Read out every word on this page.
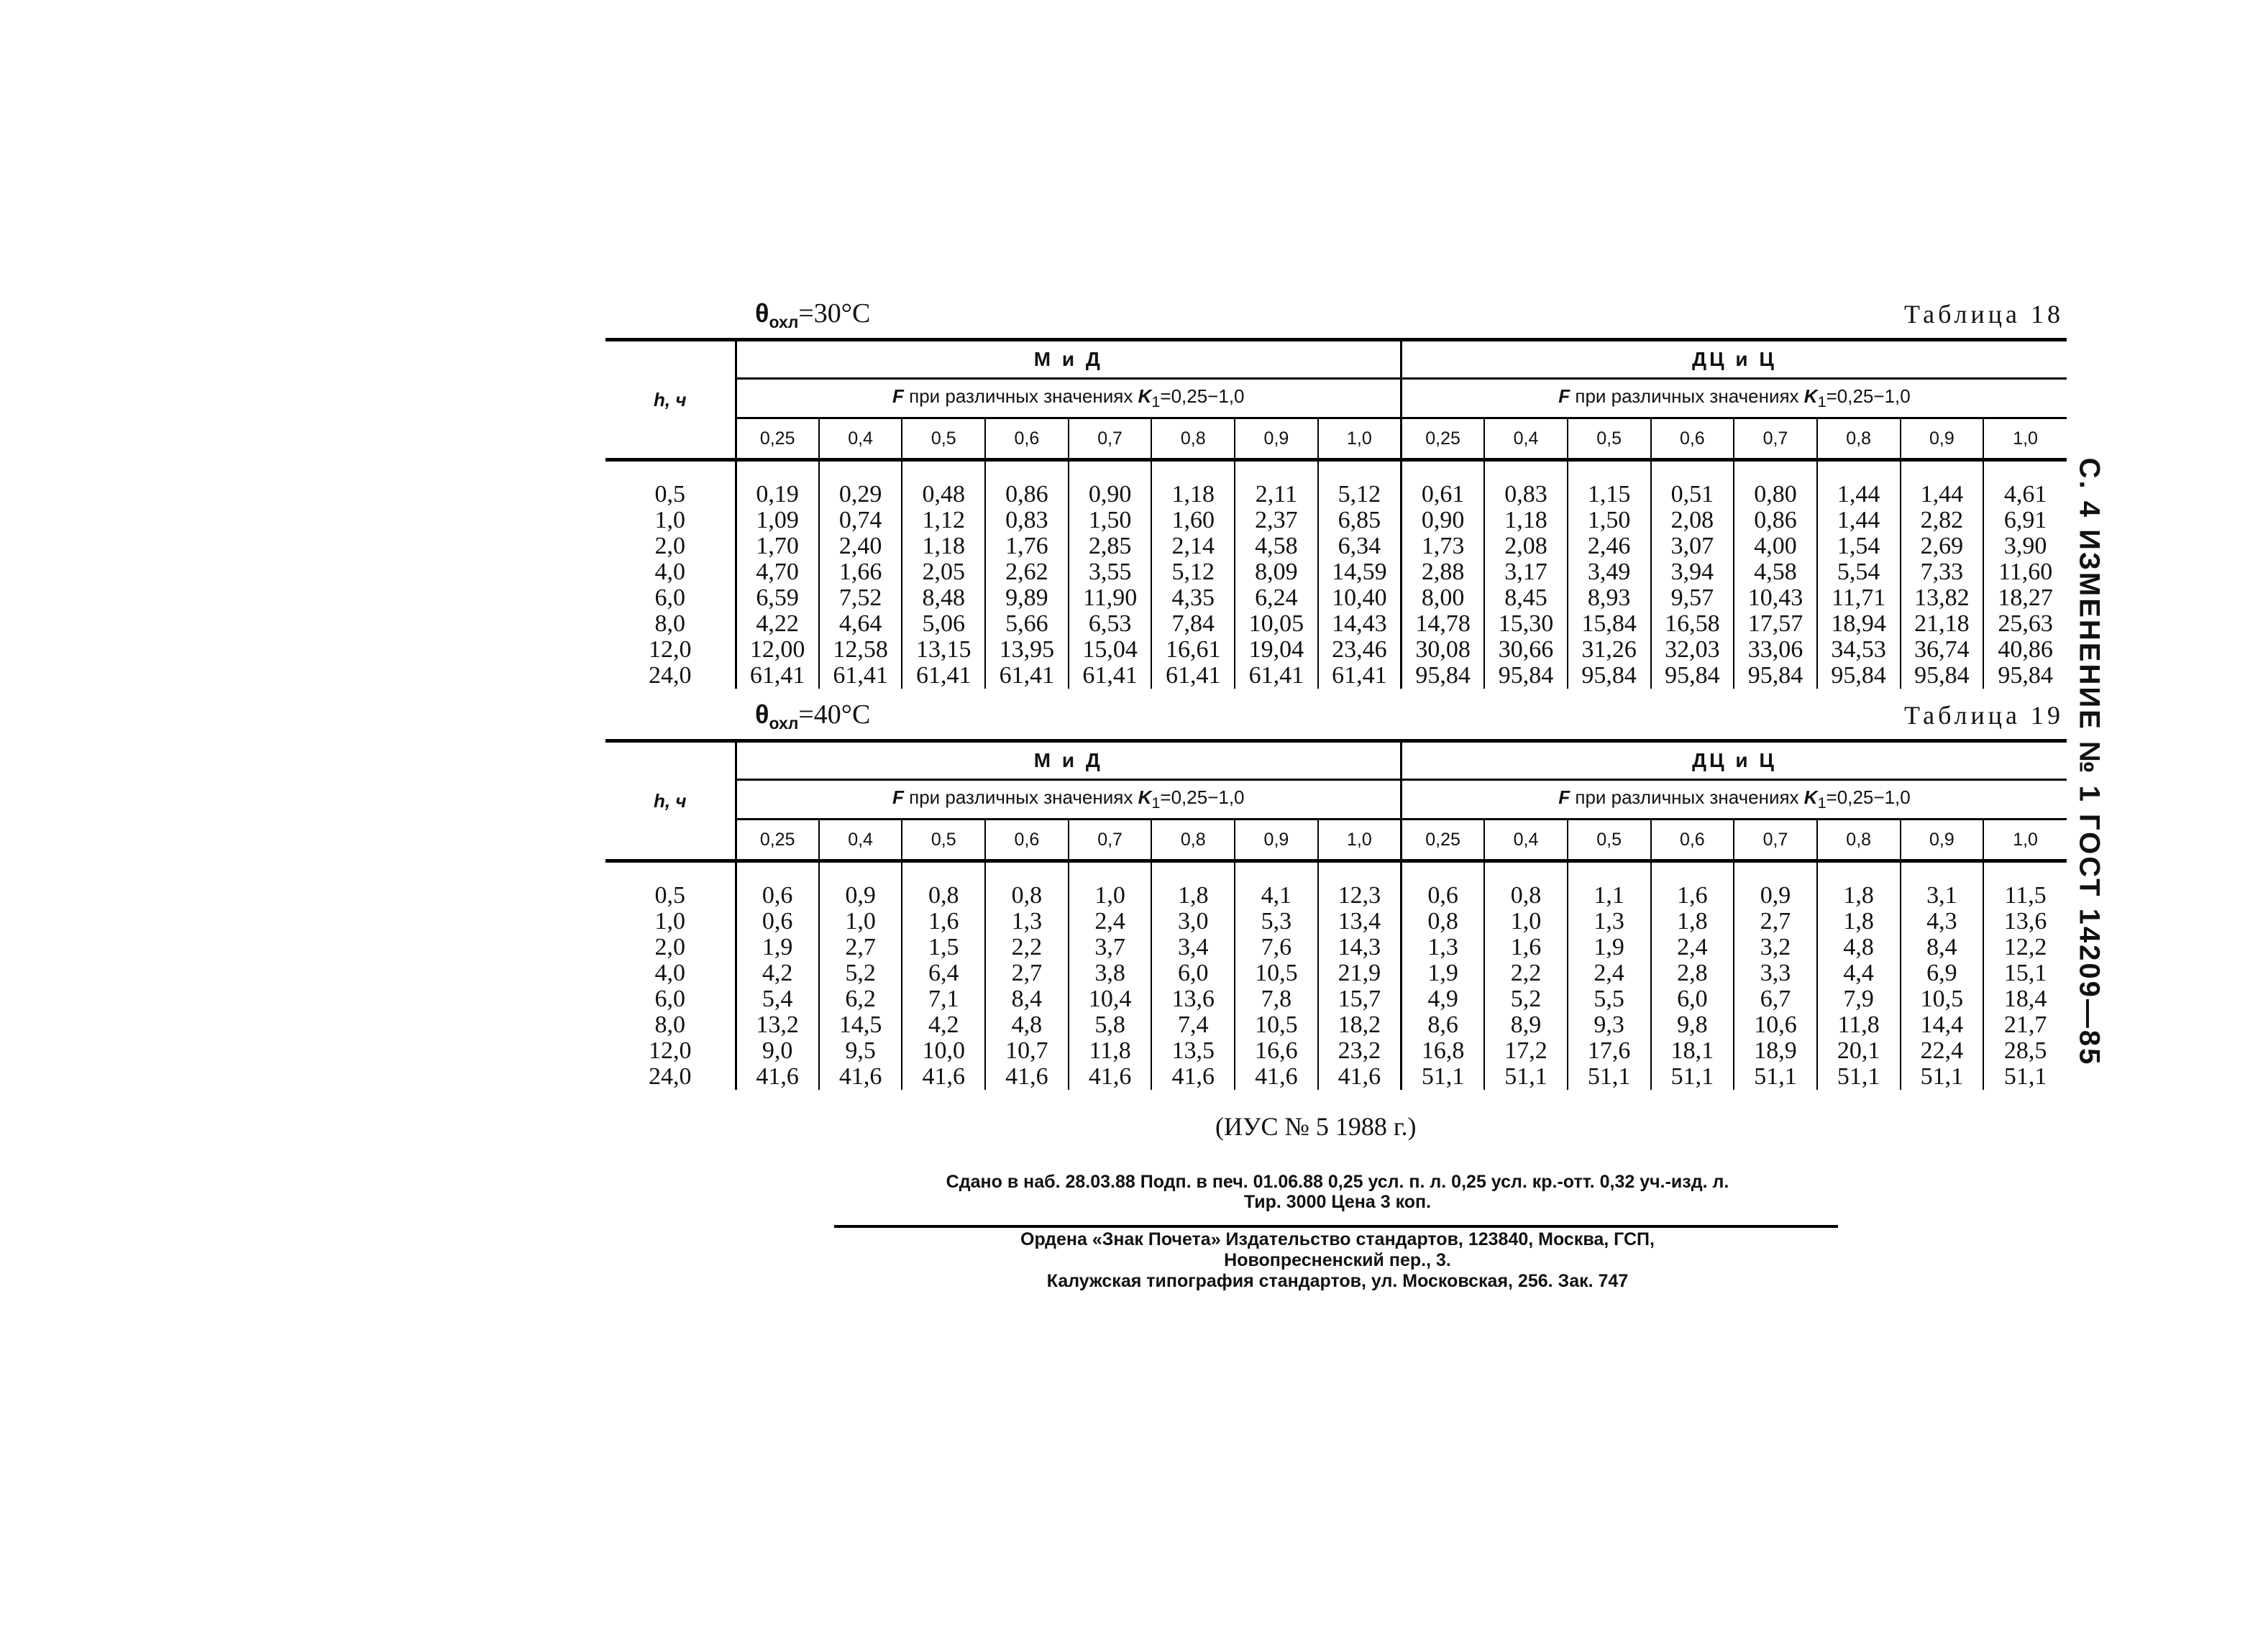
$\theta_{охл}=30^\circ C$	Таблица 18
h, ч	М и Д								ДЦ и Ц							
	F при различных значениях $K_1=0,25-1,0$								F при различных значениях $K_1=0,25-1,0$							
	0,25	0,4	0,5	0,6	0,7	0,8	0,9	1,0	0,25	0,4	0,5	0,6	0,7	0,8	0,9	1,0

0,5	0,19	0,29	0,48	0,86	0,90	1,18	2,11	5,12	0,61	0,83	1,15	0,51	0,80	1,44	1,44	4,61
1,0	1,09	0,74	1,12	0,83	1,50	1,60	2,37	6,85	0,90	1,18	1,50	2,08	0,86	1,44	2,82	6,91
2,0	1,70	2,40	1,18	1,76	2,85	2,14	4,58	6,34	1,73	2,08	2,46	3,07	4,00	1,54	2,69	3,90
4,0	4,70	1,66	2,05	2,62	3,55	5,12	8,09	14,59	2,88	3,17	3,49	3,94	4,58	5,54	7,33	11,60
6,0	6,59	7,52	8,48	9,89	11,90	4,35	6,24	10,40	8,00	8,45	8,93	9,57	10,43	11,71	13,82	18,27
8,0	4,22	4,64	5,06	5,66	6,53	7,84	10,05	14,43	14,78	15,30	15,84	16,58	17,57	18,94	21,18	25,63
12,0	12,00	12,58	13,15	13,95	15,04	16,61	19,04	23,46	30,08	30,66	31,26	32,03	33,06	34,53	36,74	40,86
24,0	61,41	61,41	61,41	61,41	61,41	61,41	61,41	61,41	95,84	95,84	95,84	95,84	95,84	95,84	95,84	95,84
$\theta_{охл}=40^\circ C$	Таблица 19
h, ч	М и Д								ДЦ и Ц							
	F при различных значениях $K_1=0,25-1,0$								F при различных значениях $K_1=0,25-1,0$							
	0,25	0,4	0,5	0,6	0,7	0,8	0,9	1,0	0,25	0,4	0,5	0,6	0,7	0,8	0,9	1,0

0,5	0,6	0,9	0,8	0,8	1,0	1,8	4,1	12,3	0,6	0,8	1,1	1,6	0,9	1,8	3,1	11,5
1,0	0,6	1,0	1,6	1,3	2,4	3,0	5,3	13,4	0,8	1,0	1,3	1,8	2,7	1,8	4,3	13,6
2,0	1,9	2,7	1,5	2,2	3,7	3,4	7,6	14,3	1,3	1,6	1,9	2,4	3,2	4,8	8,4	12,2
4,0	4,2	5,2	6,4	2,7	3,8	6,0	10,5	21,9	1,9	2,2	2,4	2,8	3,3	4,4	6,9	15,1
6,0	5,4	6,2	7,1	8,4	10,4	13,6	7,8	15,7	4,9	5,2	5,5	6,0	6,7	7,9	10,5	18,4
8,0	13,2	14,5	4,2	4,8	5,8	7,4	10,5	18,2	8,6	8,9	9,3	9,8	10,6	11,8	14,4	21,7
12,0	9,0	9,5	10,0	10,7	11,8	13,5	16,6	23,2	16,8	17,2	17,6	18,1	18,9	20,1	22,4	28,5
24,0	41,6	41,6	41,6	41,6	41,6	41,6	41,6	41,6	51,1	51,1	51,1	51,1	51,1	51,1	51,1	51,1
(ИУС № 5 1988 г.)
Сдано в наб. 28.03.88 Подп. в печ. 01.06.88 0,25 усл. п. л. 0,25 усл. кр.-отт. 0,32 уч.-изд. л.
Тир. 3000 Цена 3 коп.
Ордена «Знак Почета» Издательство стандартов, 123840, Москва, ГСП,
Новопресненский пер., 3.
Калужская типография стандартов, ул. Московская, 256. Зак. 747
С. 4 ИЗМЕНЕНИЕ № 1 ГОСТ 14209—85
